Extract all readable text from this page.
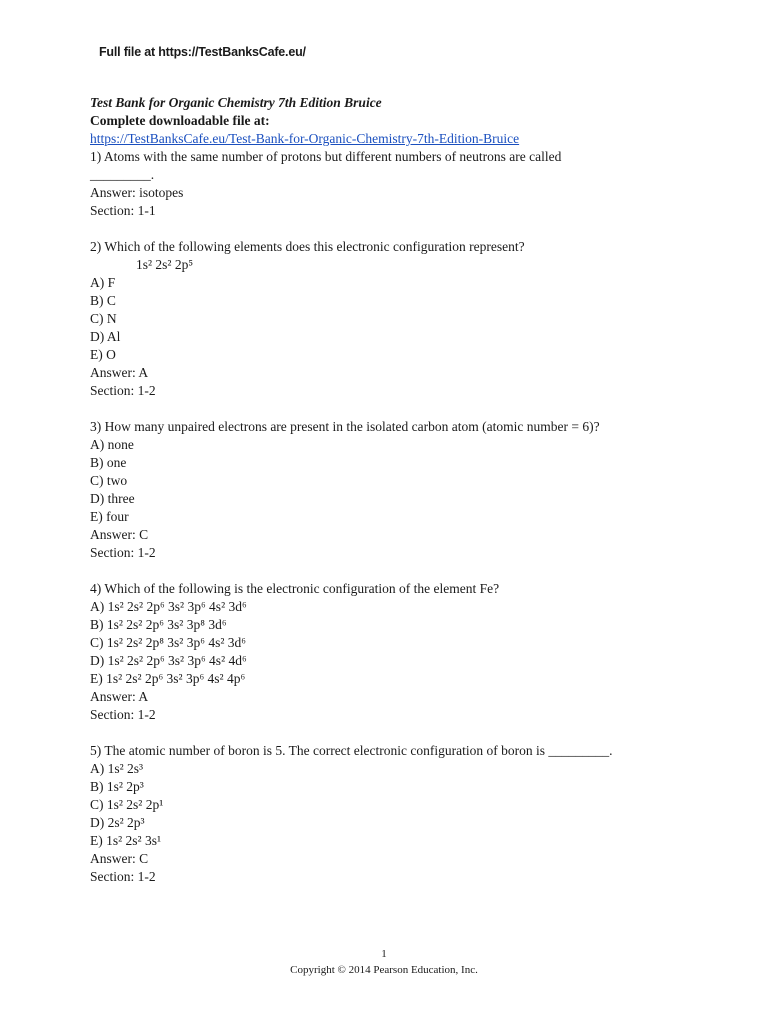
Full file at https://TestBanksCafe.eu/
Test Bank for Organic Chemistry 7th Edition Bruice
Complete downloadable file at:
https://TestBanksCafe.eu/Test-Bank-for-Organic-Chemistry-7th-Edition-Bruice
1) Atoms with the same number of protons but different numbers of neutrons are called
_________.
Answer: isotopes
Section: 1-1
2) Which of the following elements does this electronic configuration represent?
1s² 2s² 2p⁵
A) F
B) C
C) N
D) Al
E) O
Answer: A
Section: 1-2
3) How many unpaired electrons are present in the isolated carbon atom (atomic number = 6)?
A) none
B) one
C) two
D) three
E) four
Answer: C
Section: 1-2
4) Which of the following is the electronic configuration of the element Fe?
A) 1s² 2s² 2p⁶ 3s² 3p⁶ 4s² 3d⁶
B) 1s² 2s² 2p⁶ 3s² 3p⁸ 3d⁶
C) 1s² 2s² 2p⁸ 3s² 3p⁶ 4s² 3d⁶
D) 1s² 2s² 2p⁶ 3s² 3p⁶ 4s² 4d⁶
E) 1s² 2s² 2p⁶ 3s² 3p⁶ 4s² 4p⁶
Answer: A
Section: 1-2
5) The atomic number of boron is 5. The correct electronic configuration of boron is _________.
A) 1s² 2s³
B) 1s² 2p³
C) 1s² 2s² 2p¹
D) 2s² 2p³
E) 1s² 2s² 3s¹
Answer: C
Section: 1-2
1
Copyright © 2014 Pearson Education, Inc.
